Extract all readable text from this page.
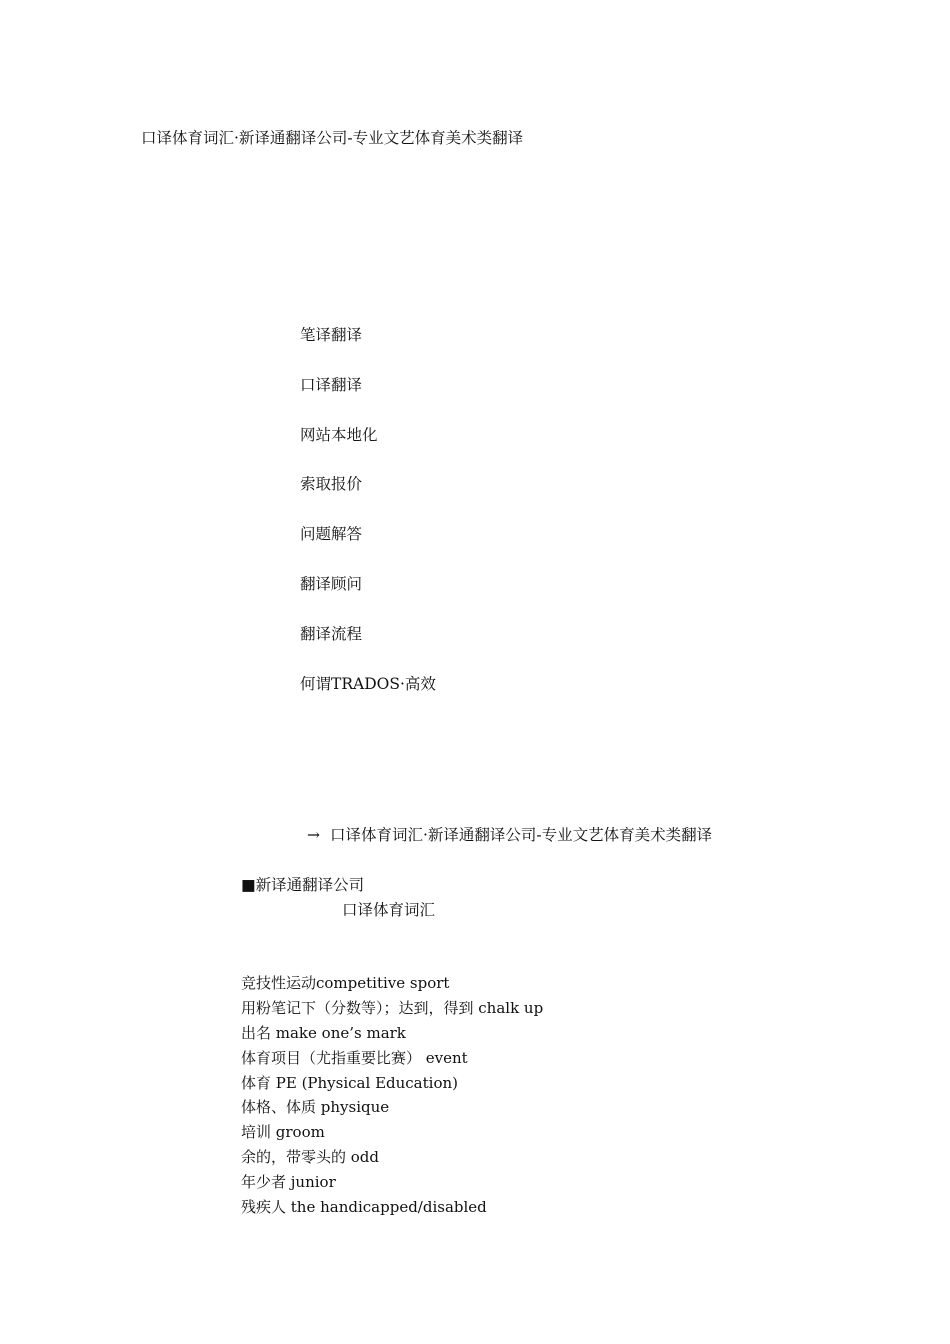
口译体育词汇·新译通翻译公司-专业文艺体育美术类翻译
笔译翻译
口译翻译
网站本地化
索取报价
问题解答
翻译顾问
翻译流程
何谓TRADOS·高效
→ 口译体育词汇·新译通翻译公司-专业文艺体育美术类翻译
■新译通翻译公司
口译体育词汇
竞技性运动competitive sport
用粉笔记下（分数等）；达到，得到 chalk up
出名 make one’s mark
体育项目（尤指重要比赛） event
体育 PE (Physical Education)
体格、体质 physique
培训 groom
余的，带零头的 odd
年少者 junior
残疾人 the handicapped/disabled
